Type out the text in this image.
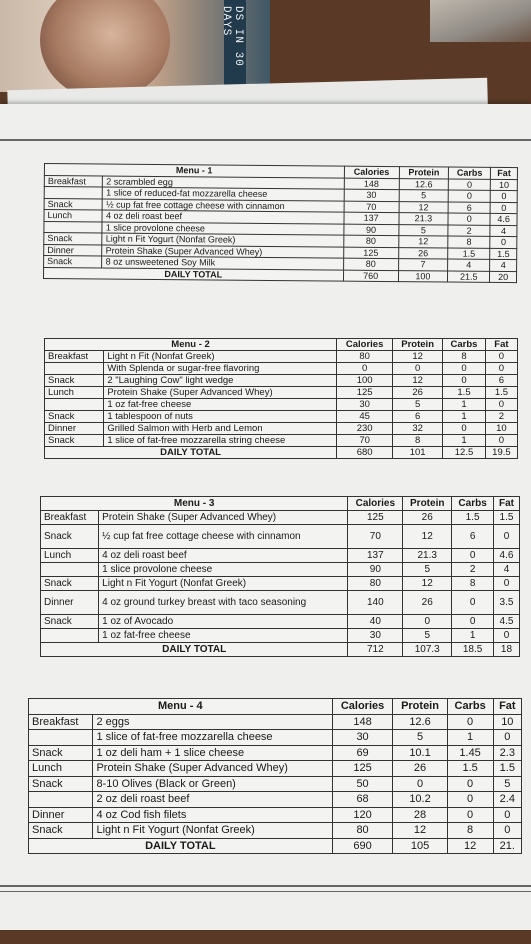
DS IN 30 DAYS
Menu - 1		Calories	Protein	Carbs	Fat
Breakfast	2 scrambled egg	148	12.6	0	10
	1 slice of reduced-fat mozzarella cheese	30	5	0	0
Snack	½ cup fat free cottage cheese with cinnamon	70	12	6	0
Lunch	4 oz deli roast beef	137	21.3	0	4.6
	1 slice provolone cheese	90	5	2	4
Snack	Light n Fit Yogurt (Nonfat Greek)	80	12	8	0
Dinner	Protein Shake (Super Advanced Whey)	125	26	1.5	1.5
Snack	8 oz unsweetened Soy Milk	80	7	4	4
DAILY TOTAL		760	100	21.5	20
Menu - 2		Calories	Protein	Carbs	Fat
Breakfast	Light n Fit (Nonfat Greek)	80	12	8	0
	With Splenda or sugar-free flavoring	0	0	0	0
Snack	2 "Laughing Cow" light wedge	100	12	0	6
Lunch	Protein Shake (Super Advanced Whey)	125	26	1.5	1.5
	1 oz fat-free cheese	30	5	1	0
Snack	1 tablespoon of nuts	45	6	1	2
Dinner	Grilled Salmon with Herb and Lemon	230	32	0	10
Snack	1 slice of fat-free mozzarella string cheese	70	8	1	0
DAILY TOTAL		680	101	12.5	19.5
Menu - 3		Calories	Protein	Carbs	Fat
Breakfast	Protein Shake (Super Advanced Whey)	125	26	1.5	1.5
Snack	½ cup fat free cottage cheese with cinnamon	70	12	6	0
Lunch	4 oz deli roast beef	137	21.3	0	4.6
	1 slice provolone cheese	90	5	2	4
Snack	Light n Fit Yogurt (Nonfat Greek)	80	12	8	0
Dinner	4 oz ground turkey breast with taco seasoning	140	26	0	3.5
Snack	1 oz of Avocado	40	0	0	4.5
	1 oz fat-free cheese	30	5	1	0
DAILY TOTAL		712	107.3	18.5	18
Menu - 4		Calories	Protein	Carbs	Fat
Breakfast	2 eggs	148	12.6	0	10
	1 slice of fat-free mozzarella cheese	30	5	1	0
Snack	1 oz deli ham + 1 slice cheese	69	10.1	1.45	2.3
Lunch	Protein Shake (Super Advanced Whey)	125	26	1.5	1.5
Snack	8-10 Olives (Black or Green)	50	0	0	5
	2 oz deli roast beef	68	10.2	0	2.4
Dinner	4 oz Cod fish filets	120	28	0	0
Snack	Light n Fit Yogurt (Nonfat Greek)	80	12	8	0
DAILY TOTAL		690	105	12	21.
